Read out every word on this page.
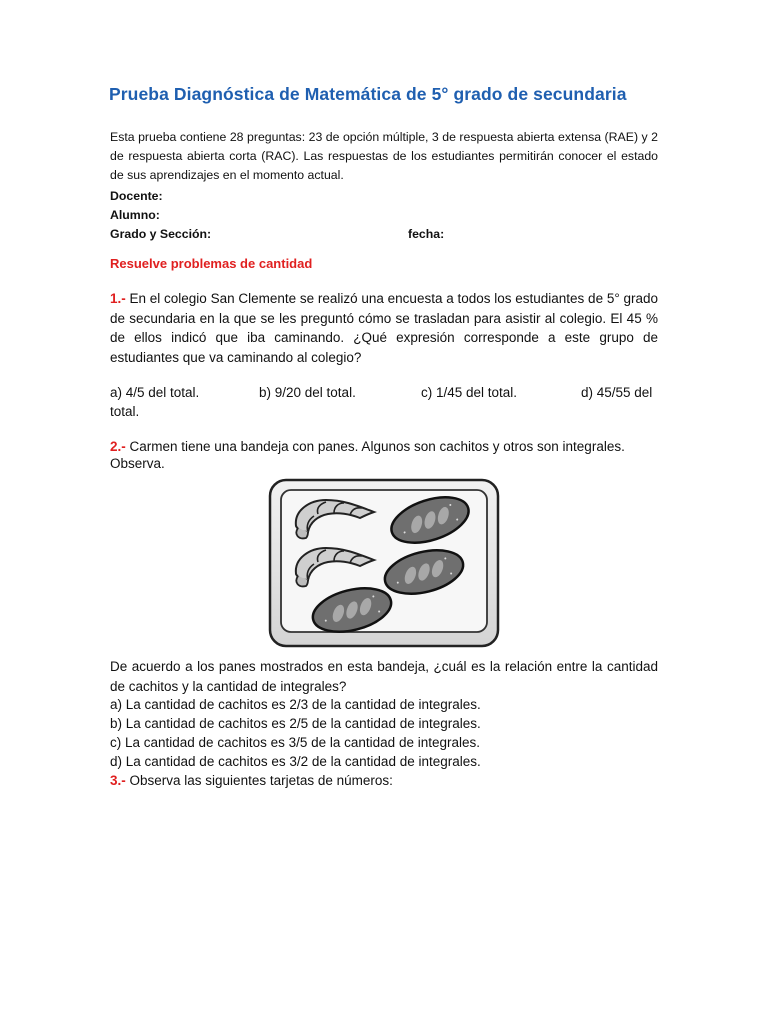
Prueba Diagnóstica de Matemática de 5° grado de secundaria
Esta prueba contiene 28 preguntas: 23 de opción múltiple, 3 de respuesta abierta extensa (RAE) y 2 de respuesta abierta corta (RAC). Las respuestas de los estudiantes permitirán conocer el estado de sus aprendizajes en el momento actual.
Docente:
Alumno:
Grado y Sección:	fecha:
Resuelve problemas de cantidad
1.- En el colegio San Clemente se realizó una encuesta a todos los estudiantes de 5° grado de secundaria en la que se les preguntó cómo se trasladan para asistir al colegio. El 45 % de ellos indicó que iba caminando. ¿Qué expresión corresponde a este grupo de estudiantes que va caminando al colegio?
a) 4/5 del total.	b) 9/20 del total.	c) 1/45 del total.	d) 45/55 del
total.
2.- Carmen tiene una bandeja con panes. Algunos son cachitos y otros son integrales.
Observa.
De acuerdo a los panes mostrados en esta bandeja, ¿cuál es la relación entre la cantidad de cachitos y la cantidad de integrales?
a) La cantidad de cachitos es 2/3 de la cantidad de integrales.
b) La cantidad de cachitos es 2/5 de la cantidad de integrales.
c) La cantidad de cachitos es 3/5 de la cantidad de integrales.
d) La cantidad de cachitos es 3/2 de la cantidad de integrales.
3.- Observa las siguientes tarjetas de números:
